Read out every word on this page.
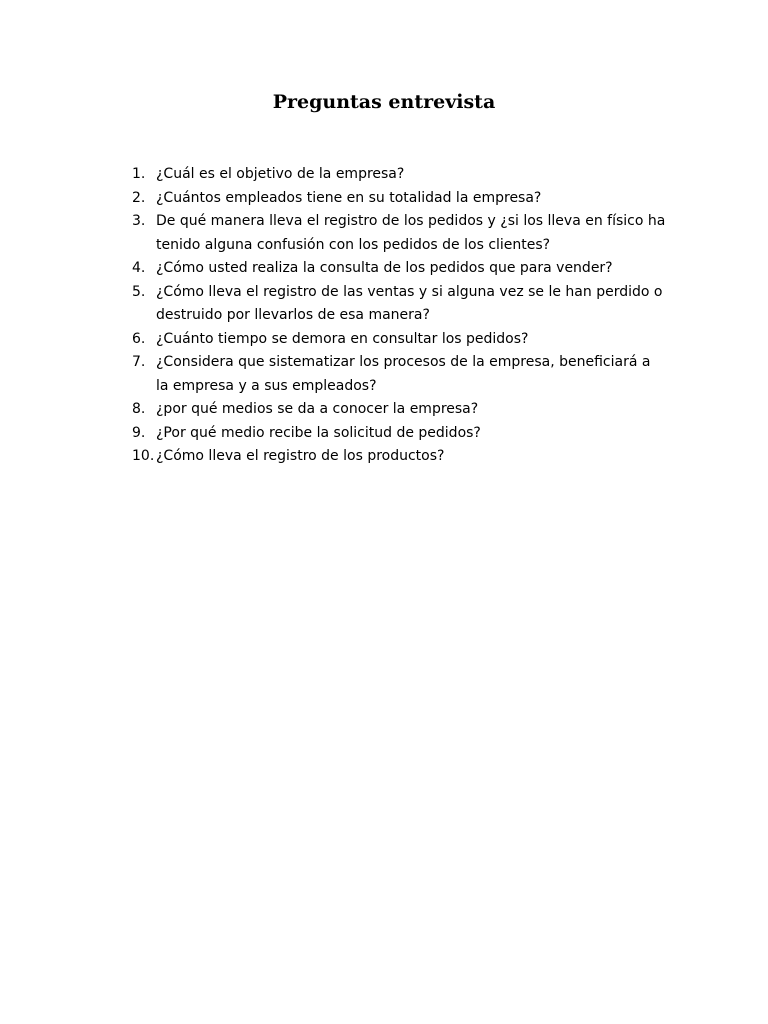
Preguntas entrevista
1. ¿Cuál es el objetivo de la empresa?
2. ¿Cuántos empleados tiene en su totalidad la empresa?
3. De qué manera lleva el registro de los pedidos y ¿si los lleva en físico ha
tenido alguna confusión con los pedidos de los clientes?
4. ¿Cómo usted realiza la consulta de los pedidos que para vender?
5. ¿Cómo lleva el registro de las ventas y si alguna vez se le han perdido o
destruido por llevarlos de esa manera?
6. ¿Cuánto tiempo se demora en consultar los pedidos?
7. ¿Considera que sistematizar los procesos de la empresa, beneficiará a
la empresa y a sus empleados?
8. ¿por qué medios se da a conocer la empresa?
9. ¿Por qué medio recibe la solicitud de pedidos?
10. ¿Cómo lleva el registro de los productos?
